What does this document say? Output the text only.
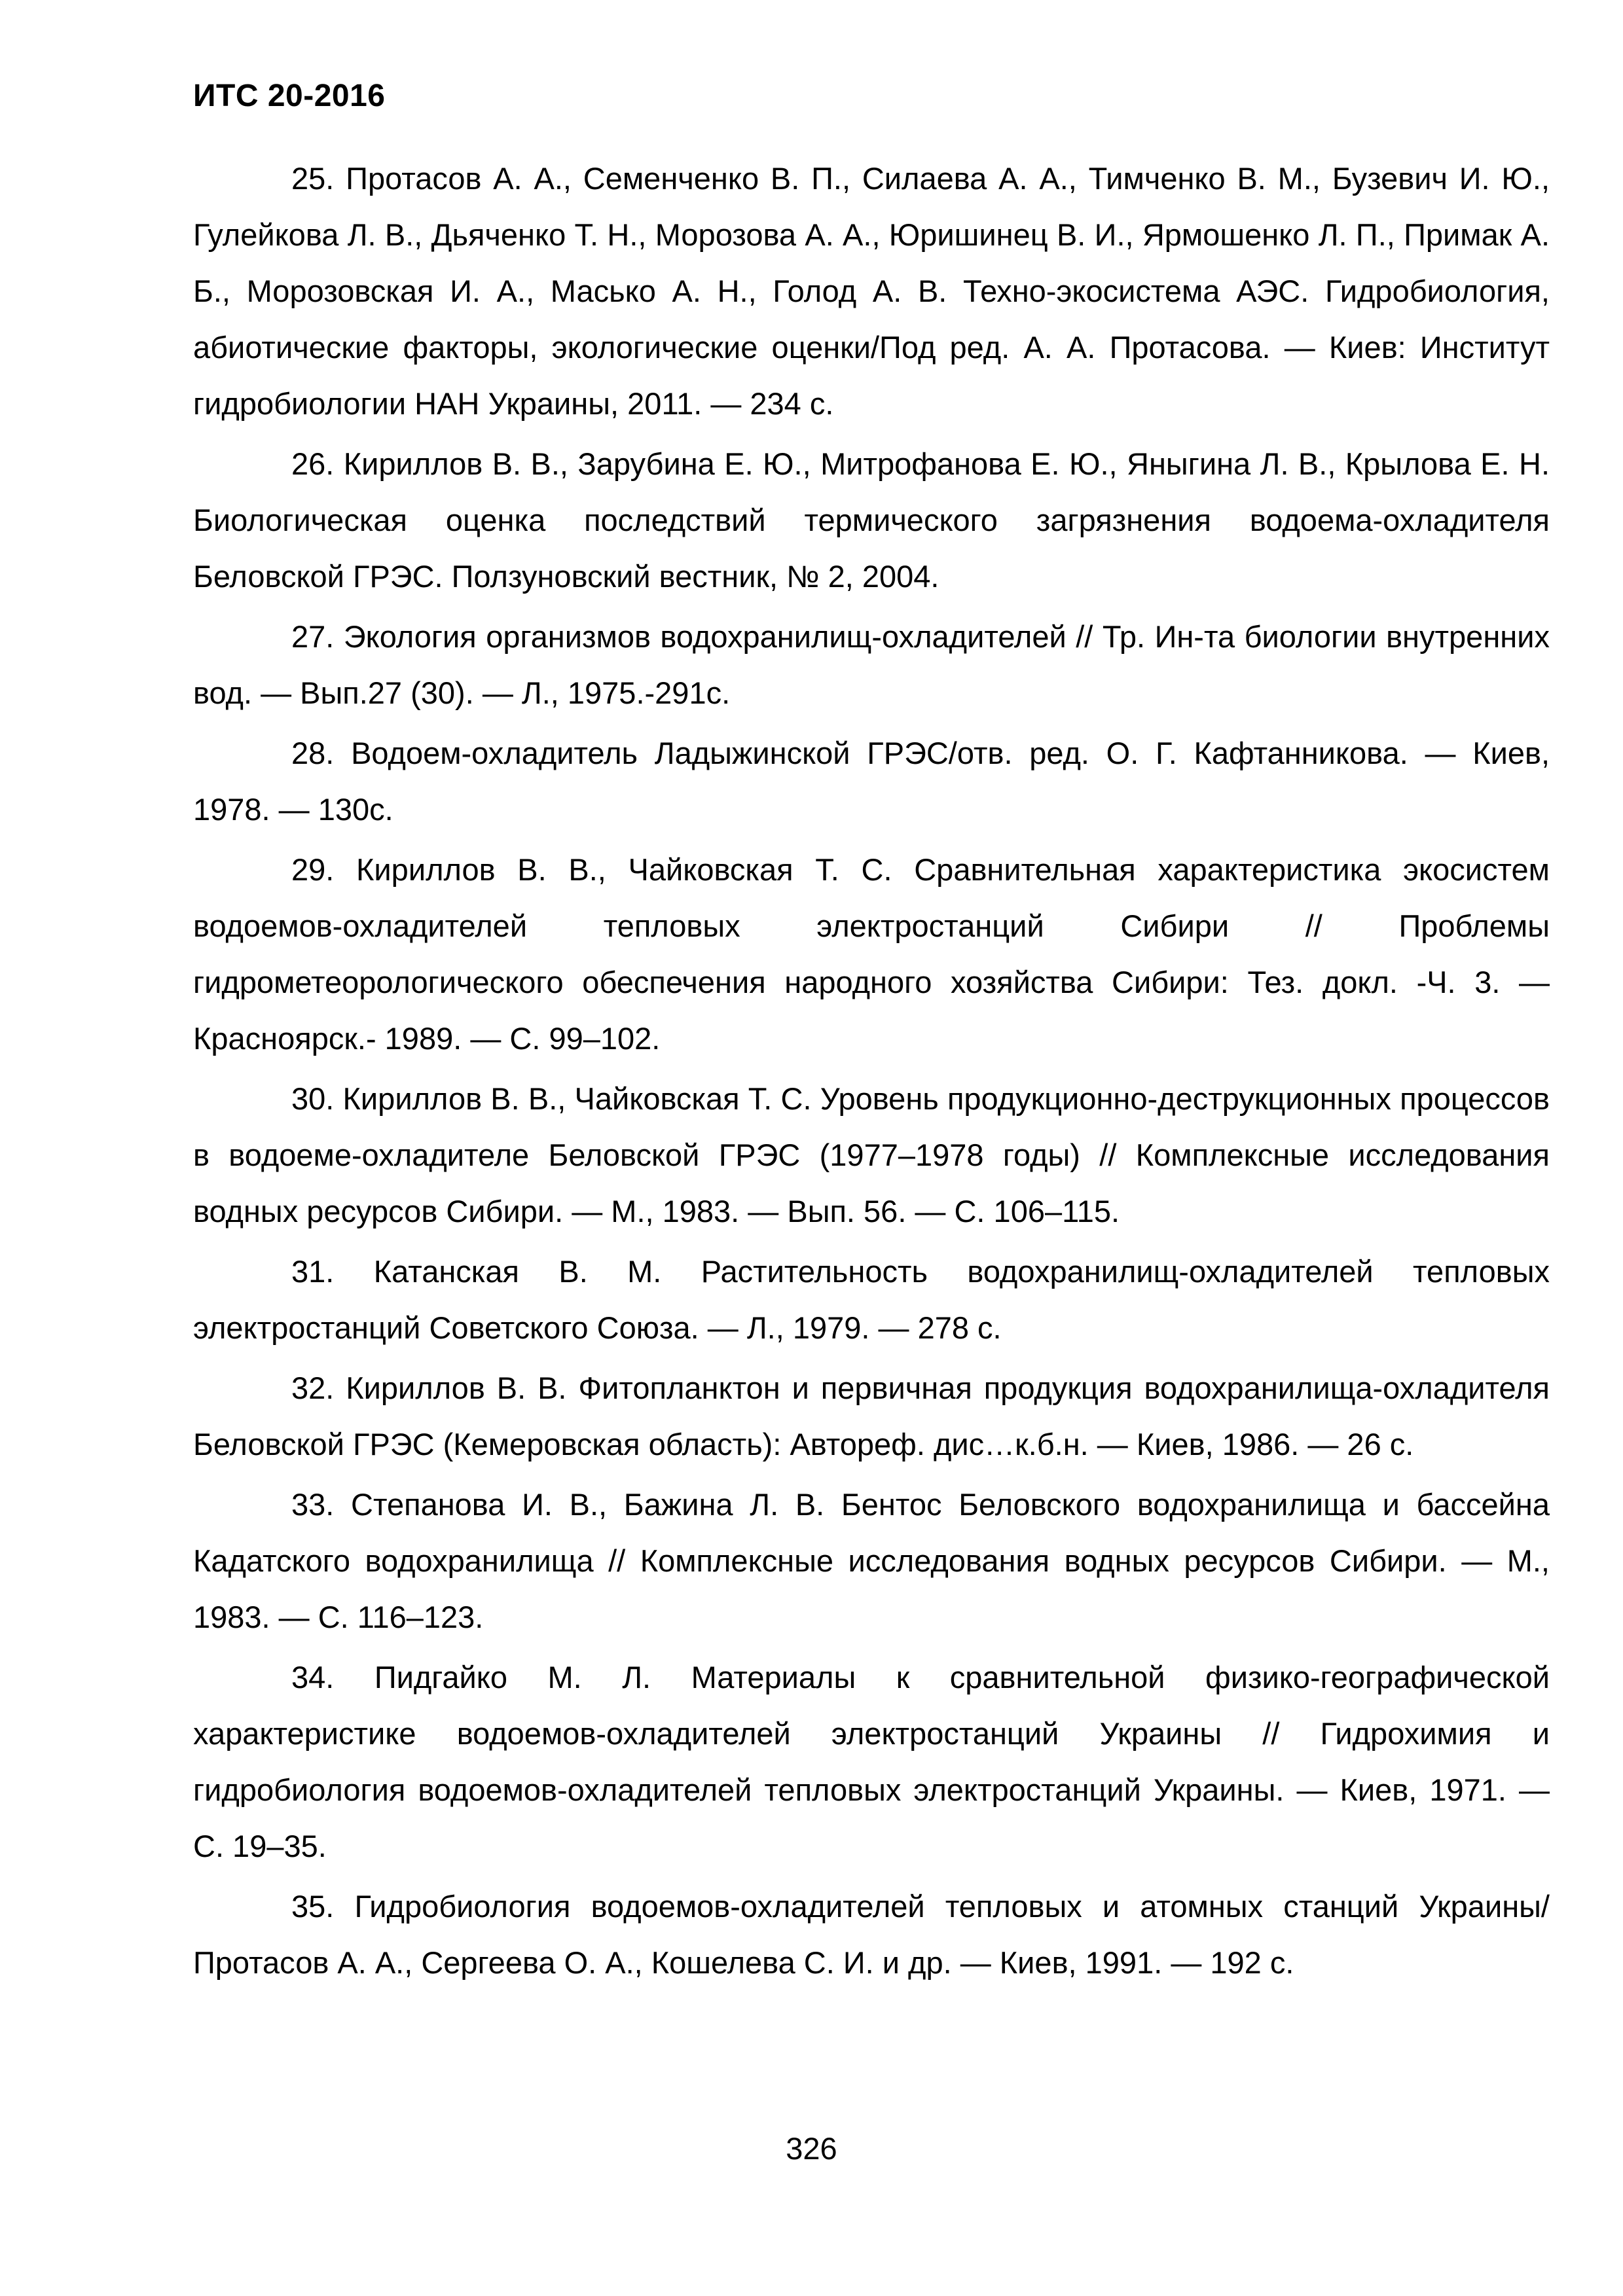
ИТС 20-2016
25. Протасов А. А., Семенченко В. П., Силаева А. А., Тимченко В. М., Бузевич И. Ю., Гулейкова Л. В., Дьяченко Т. Н., Морозова А. А., Юришинец В. И., Ярмошенко Л. П., Примак А. Б., Морозовская И. А., Масько А. Н., Голод А. В. Техно-экосистема АЭС. Гидробиология, абиотические факторы, экологические оценки/Под ред. А. А. Протасова. — Киев: Институт гидробиологии НАН Украины, 2011. — 234 с.
26. Кириллов В. В., Зарубина Е. Ю., Митрофанова Е. Ю., Яныгина Л. В., Крылова Е. Н. Биологическая оценка последствий термического загрязнения водоема-охладителя Беловской ГРЭС. Ползуновский вестник, № 2, 2004.
27. Экология организмов водохранилищ-охладителей // Тр. Ин-та биологии внутренних вод. — Вып.27 (30). — Л., 1975.-291с.
28. Водоем-охладитель Ладыжинской ГРЭС/отв. ред. О. Г. Кафтанникова. — Киев, 1978. — 130с.
29. Кириллов В. В., Чайковская Т. С. Сравнительная характеристика экосистем водоемов-охладителей тепловых электростанций Сибири // Проблемы гидрометеорологического обеспечения народного хозяйства Сибири: Тез. докл. -Ч. 3. — Красноярск.- 1989. — С. 99–102.
30. Кириллов В. В., Чайковская Т. С. Уровень продукционно-деструкционных процессов в водоеме-охладителе Беловской ГРЭС (1977–1978 годы) // Комплексные исследования водных ресурсов Сибири. — М., 1983. — Вып. 56. — С. 106–115.
31. Катанская В. М. Растительность водохранилищ-охладителей тепловых электростанций Советского Союза. — Л., 1979. — 278 с.
32. Кириллов В. В. Фитопланктон и первичная продукция водохранилища-охладителя Беловской ГРЭС (Кемеровская область): Автореф. дис…к.б.н. — Киев, 1986. — 26 с.
33. Степанова И. В., Бажина Л. В. Бентос Беловского водохранилища и бассейна Кадатского водохранилища // Комплексные исследования водных ресурсов Сибири. — М., 1983. — С. 116–123.
34. Пидгайко М. Л. Материалы к сравнительной физико-географической характеристике водоемов-охладителей электростанций Украины // Гидрохимия и гидробиология водоемов-охладителей тепловых электростанций Украины. — Киев, 1971. — С. 19–35.
35. Гидробиология водоемов-охладителей тепловых и атомных станций Украины/Протасов А. А., Сергеева О. А., Кошелева С. И. и др. — Киев, 1991. — 192 с.
326
